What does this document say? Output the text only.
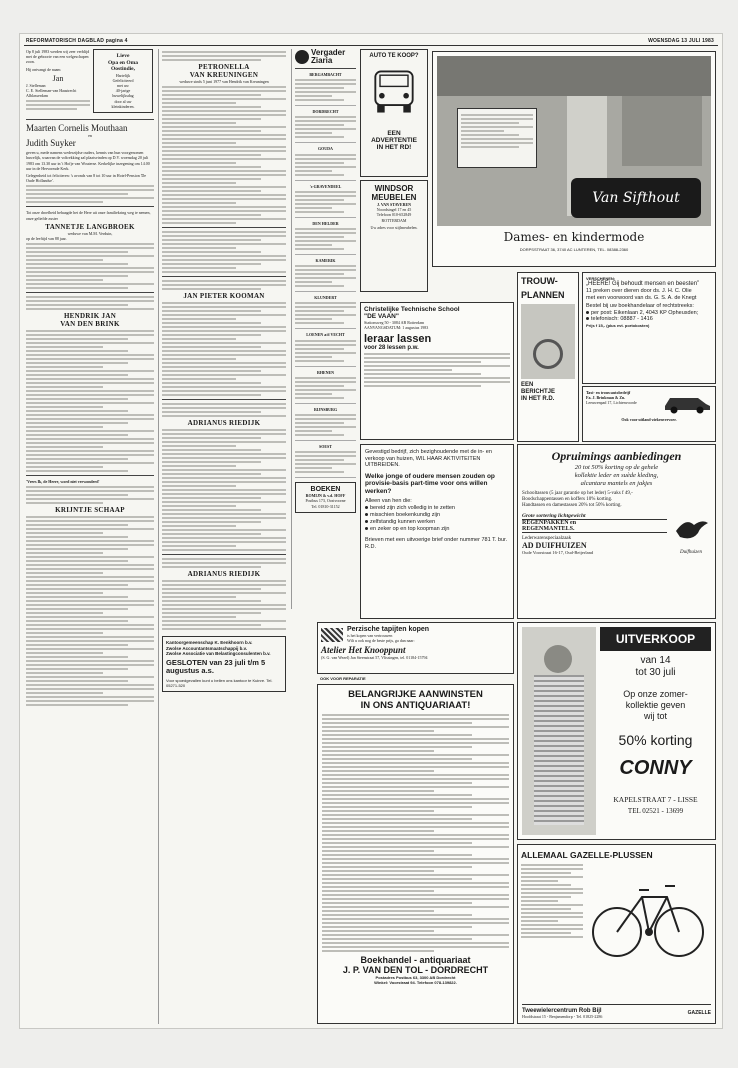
REFORMATORISCH DAGBLAD pagina 4	WOENSDAG 13 JULI 1983

Op 8 juli 1983 werden wij zeer verblijd met de geboorte van een welgeschapen zoon.

Hij ontvangt de naam

Jan
J. Stelleman
C. E. Stelleman-van Haastrecht
Alblasserdam
Lieve
Opa en Oma
Oostindie,
Hartelijk
Gefeliciteerd
met uw
40-jarige
huwelijksdag
door al uw
kleinkinderen.
Maarten Cornelis Mouthaan
en
Judith Suyker

geven u, mede namens wederzijdse ouders, kennis van hun voorgenomen huwelijk, waarvan de voltrekking zal plaatsvinden op D.V. woensdag 20 juli 1983 om 13.30 uur in 't Hofje van Wouterse. Kerkelijke inzegening om 14.00 uur in de Hervormde Kerk.

Gelegenheid tot feliciteren: 's avonds van 8 tot 10 uur in Hotel-Pension 'De Oude Hollandse'.

Tot onze droefheid behaagde het de Here uit onze familiekring weg te nemen, onze geliefde zuster

TANNETJE LANGBROEK
weduwe van M.M. Verduin,
op de leeftijd van 88 jaar.
HENDRIK JAN
VAN DEN BRINK
'Vrees Ik, de Heere, word niet verwonderd'
KRIJNTJE SCHAAP
PETRONELLA
VAN KREUNINGEN
weduwe sinds 5 juni 1977 van Hendrik van Kreuningen
JAN PIETER KOOMAN
ADRIANUS RIEDIJK
ADRIANUS RIEDIJK
Kantoorgemeenschap K. Eenkhoorn b.v.
Zwolse Accountantsmaatschappij b.v.
Zwolse Associatie van Belastingconsulenten b.v.
GESLOTEN van 23 juli t/m 5 augustus a.s.
Voor spoedgevallen kunt u bellen ons kantoor te Kuinre. Tel. 05271-520
Vergader
Ziaria
BERGAMBACHT
DORDRECHT
GOUDA
's-GRAVENDEEL
DEN HELDER
KAMERIK
KLUNDERT
LOENEN a/d VECHT
RHENEN
RIJNSBURG
SOEST
BOEKEN
ROMIJN & v.d. HOFF
Postbus 173, Oostvoorne
Tel. 01810-31152
AUTO TE KOOP?
EEN
ADVERTENTIE
IN HET RD!
WINDSOR
MEUBELEN
J. VAN STAVEREN
Noordsingel 17 en 45
Telefoon 010-652849
ROTTERDAM
Uw adres voor stijlmeubelen.
Van Sifthout
Dames- en kindermode
DORPSSTRAAT 36, 3740 AC LUNTEREN, TEL. 08388-2360
Christelijke Technische School
"DE VAAN"
Stationsweg 50 - 3084 AB Rotterdam
AANVANGSDATUM: 1 augustus 1983
leraar lassen
voor 28 lessen p.w.
TROUW-
PLANNEN
EEN
BERICHTJE
IN HET R.D.
VERSCHENEN:
„HEERE! Gij behoudt mensen en beesten”
11 preken over dieren door ds. J. H. C. Olie
met een voorwoord van ds. G. S. A. de Knegt
Bestel bij uw boekhandelaar of rechtstreeks:
per post: Eikenlaan 2, 4043 KP Opheusden;
telefonisch: 08887 - 1416
Prijs f 15,- (plus evt. portokosten)
Taxi- en trouwautobedrijf
Fa. J. Brinkman & Zn.
Leeuwenpad 17, Lichtenvoorde
Ook voor uitland-ziekenvervoer.
Gevestigd bedrijf, zich bezighoudende met de in- en verkoop van huizen, WIL HAAR AKTIVITEITEN UITBREIDEN.
Welke jonge of oudere mensen zouden op provisie-basis part-time voor ons willen werken?
Alleen van hen die:
bereid zijn zich volledig in te zetten
misschien boekenkundig zijn
zelfstandig kunnen werken
en zeker op en top koopman zijn
Brieven met een uitvoerige brief onder nummer 781 T. bur. R.D.
Opruimings aanbiedingen
20 tot 50% korting op de gehele
kollektie leder en suède kleding,
alcantara mantels en jakjes
Schooltassen (5 jaar garantie op het leder) 5-vaks f 49,-
Boodschappentassen en koffers 10% korting.
Handtassen en damestassen 20% tot 50% korting.
Grote sortering lichtgewicht
REGENPAKKEN en
REGENMANTELS.
Lederwarenspeciaalzaak
AD DUIFHUIZEN
Oude Voorstraat 16-17, Oud-Beijerland	Duifhuizen
Perzische tapijten kopen
is het kopen van vertrouwen
Wilt u ook nog de beste prijs, ga dan naar:
Atelier Het Knooppunt
(S. G. van Wezel) Jan Steenstraat 57, Vlissingen, tel. 01184-15794
OOK VOOR REPARATIE
BELANGRIJKE AANWINSTEN
IN ONS ANTIQUARIAAT!
Boekhandel - antiquariaat
J. P. VAN DEN TOL - DORDRECHT
Postadres Postbus 63, 3300 AB Dordrecht
Winkel: Voorstraat 94. Telefoon 078-139822.
UITVERKOOP
van 14
tot 30 juli
Op onze zomer-
kollektie geven
wij tot
50% korting
CONNY
KAPELSTRAAT 7 - LISSE
TEL 02521 - 13699
ALLEMAAL GAZELLE-PLUSSEN
Tweewielercentrum Rob Bijl
Hoofdstraat 15 - Benjamendorp - Tel. 01825-2286	GAZELLE
